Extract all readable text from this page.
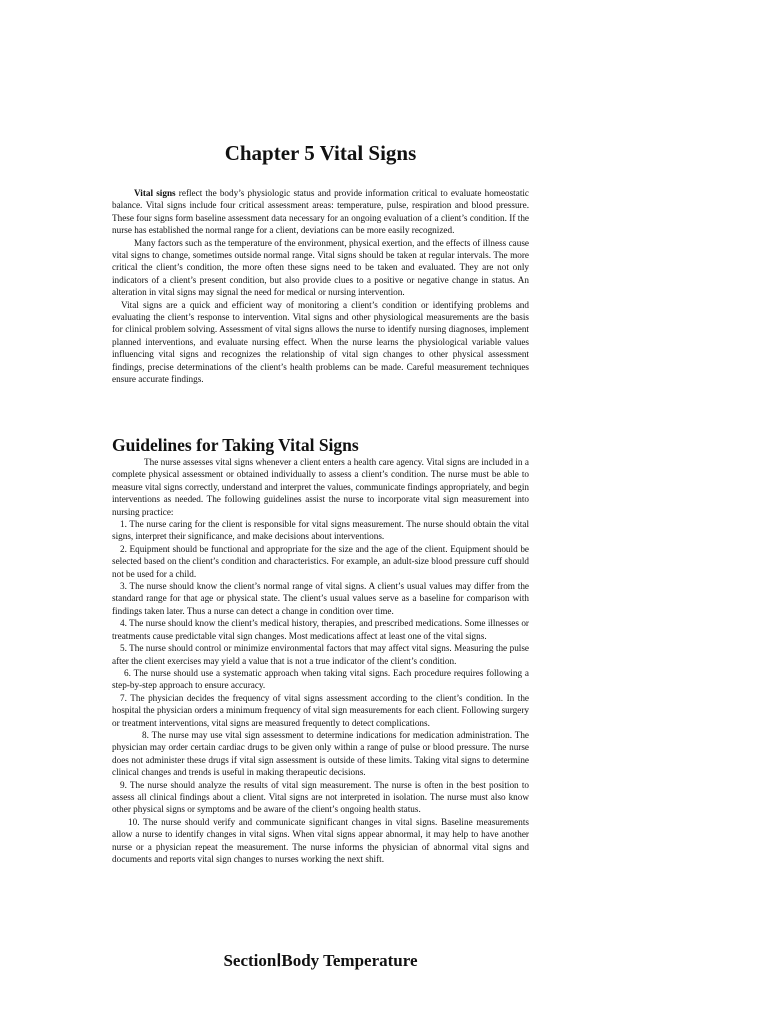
Chapter 5 Vital Signs

Vital signs reflect the body’s physiologic status and provide information critical to evaluate homeostatic balance. Vital signs include four critical assessment areas: temperature, pulse, respiration and blood pressure. These four signs form baseline assessment data necessary for an ongoing evaluation of a client’s condition. If the nurse has established the normal range for a client, deviations can be more easily recognized.

Many factors such as the temperature of the environment, physical exertion, and the effects of illness cause vital signs to change, sometimes outside normal range. Vital signs should be taken at regular intervals. The more critical the client’s condition, the more often these signs need to be taken and evaluated. They are not only indicators of a client’s present condition, but also provide clues to a positive or negative change in status. An alteration in vital signs may signal the need for medical or nursing intervention.

Vital signs are a quick and efficient way of monitoring a client’s condition or identifying problems and evaluating the client’s response to intervention. Vital signs and other physiological measurements are the basis for clinical problem solving. Assessment of vital signs allows the nurse to identify nursing diagnoses, implement planned interventions, and evaluate nursing effect. When the nurse learns the physiological variable values influencing vital signs and recognizes the relationship of vital sign changes to other physical assessment findings, precise determinations of the client’s health problems can be made. Careful measurement techniques ensure accurate findings.

Guidelines for Taking Vital Signs

The nurse assesses vital signs whenever a client enters a health care agency. Vital signs are included in a complete physical assessment or obtained individually to assess a client’s condition. The nurse must be able to measure vital signs correctly, understand and interpret the values, communicate findings appropriately, and begin interventions as needed. The following guidelines assist the nurse to incorporate vital sign measurement into nursing practice:

1. The nurse caring for the client is responsible for vital signs measurement. The nurse should obtain the vital signs, interpret their significance, and make decisions about interventions.

2. Equipment should be functional and appropriate for the size and the age of the client. Equipment should be selected based on the client’s condition and characteristics. For example, an adult-size blood pressure cuff should not be used for a child.

3. The nurse should know the client’s normal range of vital signs. A client’s usual values may differ from the standard range for that age or physical state. The client’s usual values serve as a baseline for comparison with findings taken later. Thus a nurse can detect a change in condition over time.

4. The nurse should know the client’s medical history, therapies, and prescribed medications. Some illnesses or treatments cause predictable vital sign changes. Most medications affect at least one of the vital signs.

5. The nurse should control or minimize environmental factors that may affect vital signs. Measuring the pulse after the client exercises may yield a value that is not a true indicator of the client’s condition.

6. The nurse should use a systematic approach when taking vital signs. Each procedure requires following a step-by-step approach to ensure accuracy.

7. The physician decides the frequency of vital signs assessment according to the client’s condition. In the hospital the physician orders a minimum frequency of vital sign measurements for each client. Following surgery or treatment interventions, vital signs are measured frequently to detect complications.

8. The nurse may use vital sign assessment to determine indications for medication administration. The physician may order certain cardiac drugs to be given only within a range of pulse or blood pressure. The nurse does not administer these drugs if vital sign assessment is outside of these limits. Taking vital signs to determine clinical changes and trends is useful in making therapeutic decisions.

9. The nurse should analyze the results of vital sign measurement. The nurse is often in the best position to assess all clinical findings about a client. Vital signs are not interpreted in isolation. The nurse must also know other physical signs or symptoms and be aware of the client’s ongoing health status.

10. The nurse should verify and communicate significant changes in vital signs. Baseline measurements allow a nurse to identify changes in vital signs. When vital signs appear abnormal, it may help to have another nurse or a physician repeat the measurement. The nurse informs the physician of abnormal vital signs and documents and reports vital sign changes to nurses working the next shift.

SectionⅠBody Temperature
